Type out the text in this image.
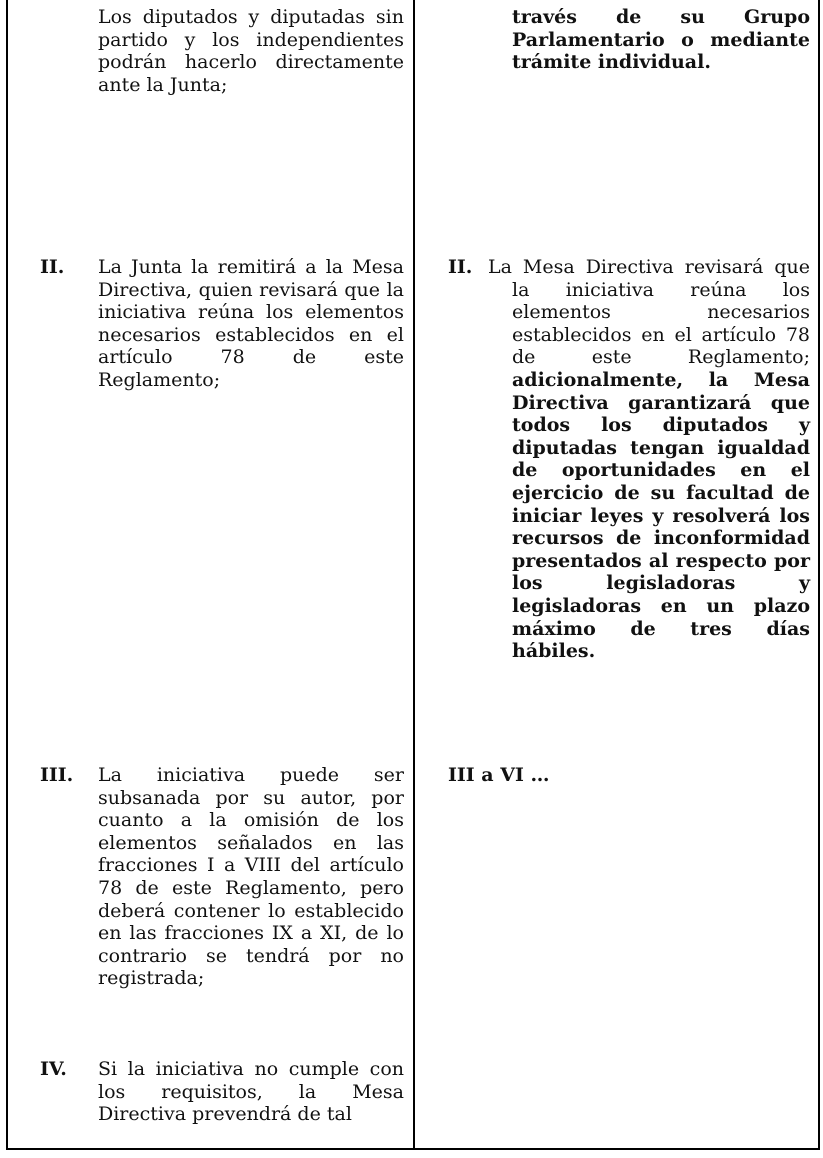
Los diputados y diputadas sin partido y los independientes podrán hacerlo directamente ante la Junta;

II. La Junta la remitirá a la Mesa Directiva, quien revisará que la iniciativa reúna los elementos necesarios establecidos en el artículo 78 de este Reglamento;

III. La iniciativa puede ser subsanada por su autor, por cuanto a la omisión de los elementos señalados en las fracciones I a VIII del artículo 78 de este Reglamento, pero deberá contener lo establecido en las fracciones IX a XI, de lo contrario se tendrá por no registrada;

IV. Si la iniciativa no cumple con los requisitos, la Mesa Directiva prevendrá de tal

través de su Grupo Parlamentario o mediante trámite individual.

II. La Mesa Directiva revisará que la iniciativa reúna los elementos necesarios establecidos en el artículo 78 de este Reglamento; adicionalmente, la Mesa Directiva garantizará que todos los diputados y diputadas tengan igualdad de oportunidades en el ejercicio de su facultad de iniciar leyes y resolverá los recursos de inconformidad presentados al respecto por los legisladoras y legisladoras en un plazo máximo de tres días hábiles.
III a VI …
